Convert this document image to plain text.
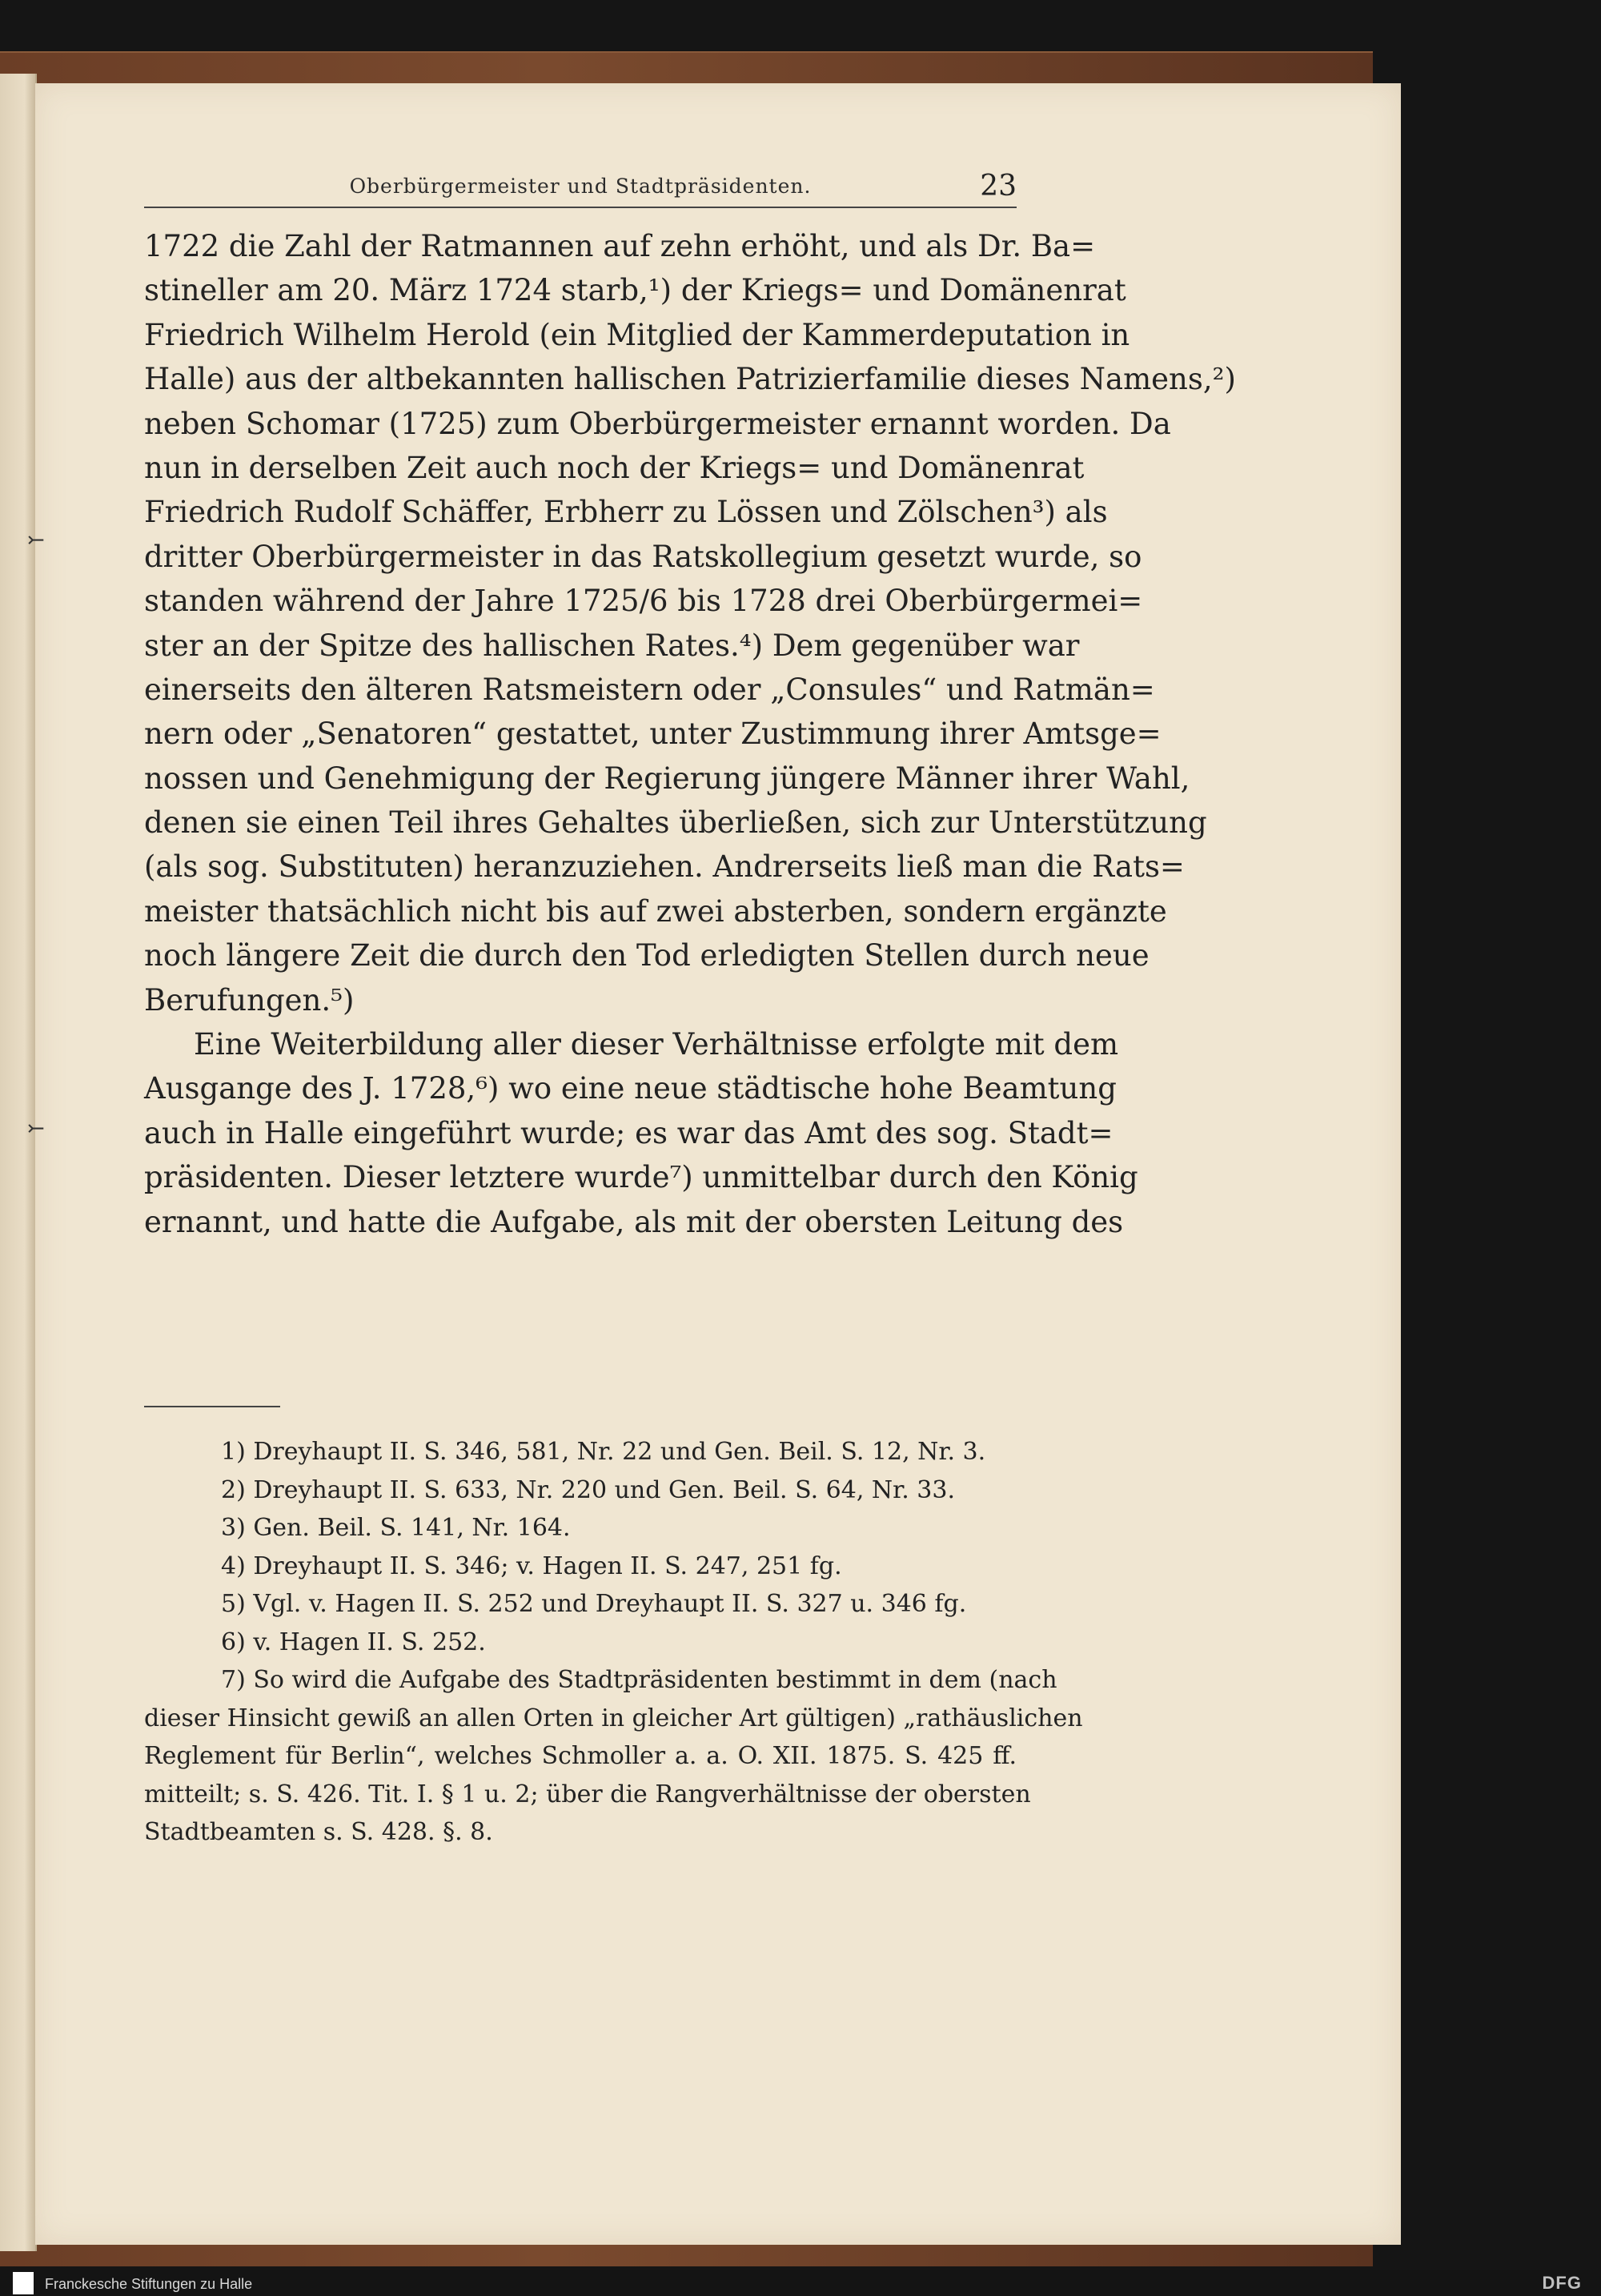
Oberbürgermeister und Stadtpräsidenten.	23
1722 die Zahl der Ratmannen auf zehn erhöht, und als Dr. Ba=
stineller am 20. März 1724 starb,¹) der Kriegs= und Domänenrat
Friedrich Wilhelm Herold (ein Mitglied der Kammerdeputation in
Halle) aus der altbekannten hallischen Patrizierfamilie dieses Namens,²)
neben Schomar (1725) zum Oberbürgermeister ernannt worden. Da
nun in derselben Zeit auch noch der Kriegs= und Domänenrat
Friedrich Rudolf Schäffer, Erbherr zu Lössen und Zölschen³) als
dritter Oberbürgermeister in das Ratskollegium gesetzt wurde, so
standen während der Jahre 1725/6 bis 1728 drei Oberbürgermei=
ster an der Spitze des hallischen Rates.⁴) Dem gegenüber war
einerseits den älteren Ratsmeistern oder „Consules“ und Ratmän=
nern oder „Senatoren“ gestattet, unter Zustimmung ihrer Amtsge=
nossen und Genehmigung der Regierung jüngere Männer ihrer Wahl,
denen sie einen Teil ihres Gehaltes überließen, sich zur Unterstützung
(als sog. Substituten) heranzuziehen. Andrerseits ließ man die Rats=
meister thatsächlich nicht bis auf zwei absterben, sondern ergänzte
noch längere Zeit die durch den Tod erledigten Stellen durch neue
Berufungen.⁵)
Eine Weiterbildung aller dieser Verhältnisse erfolgte mit dem
Ausgange des J. 1728,⁶) wo eine neue städtische hohe Beamtung
auch in Halle eingeführt wurde; es war das Amt des sog. Stadt=
präsidenten. Dieser letztere wurde⁷) unmittelbar durch den König
ernannt, und hatte die Aufgabe, als mit der obersten Leitung des
1) Dreyhaupt II. S. 346, 581, Nr. 22 und Gen. Beil. S. 12, Nr. 3.
2) Dreyhaupt II. S. 633, Nr. 220 und Gen. Beil. S. 64, Nr. 33.
3) Gen. Beil. S. 141, Nr. 164.
4) Dreyhaupt II. S. 346; v. Hagen II. S. 247, 251 fg.
5) Vgl. v. Hagen II. S. 252 und Dreyhaupt II. S. 327 u. 346 fg.
6) v. Hagen II. S. 252.
7) So wird die Aufgabe des Stadtpräsidenten bestimmt in dem (nach
dieser Hinsicht gewiß an allen Orten in gleicher Art gültigen) „rathäuslichen
Reglement für Berlin“, welches Schmoller a. a. O. XII. 1875. S. 425 ff.
mitteilt; s. S. 426. Tit. I. § 1 u. 2; über die Rangverhältnisse der obersten
Stadtbeamten s. S. 428. §. 8.
⤚
⤚
Franckesche Stiftungen zu Halle	DFG
